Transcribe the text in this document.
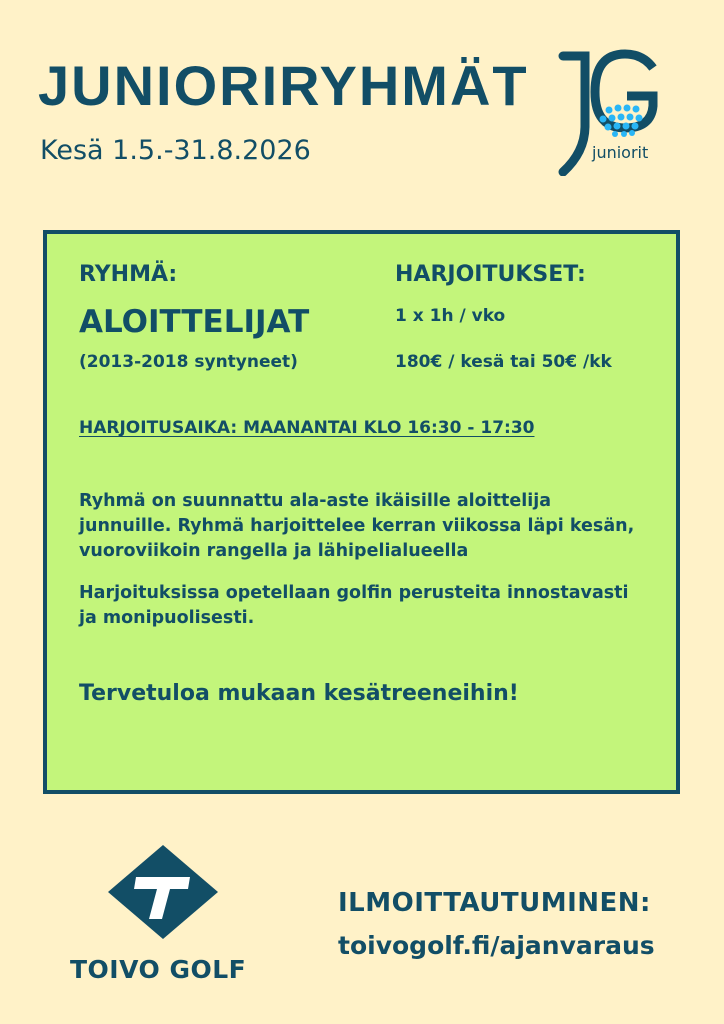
JUNIORIRYHMÄT

Kesä 1.5.-31.8.2026	juniorit

RYHMÄ:

ALOITTELIJAT

(2013-2018 syntyneet)

HARJOITUKSET:

1 x 1h / vko

180€ / kesä tai 50€ /kk

HARJOITUSAIKA: MAANANTAI KLO 16:30 - 17:30

Ryhmä on suunnattu ala-aste ikäisille aloittelija junnuille. Ryhmä harjoittelee kerran viikossa läpi kesän, vuoroviikoin rangella ja lähipelialueella

Harjoituksissa opetellaan golfin perusteita innostavasti ja monipuolisesti.

Tervetuloa mukaan kesätreeneihin!

TOIVO GOLF
ILMOITTAUTUMINEN:
toivogolf.fi/ajanvaraus
